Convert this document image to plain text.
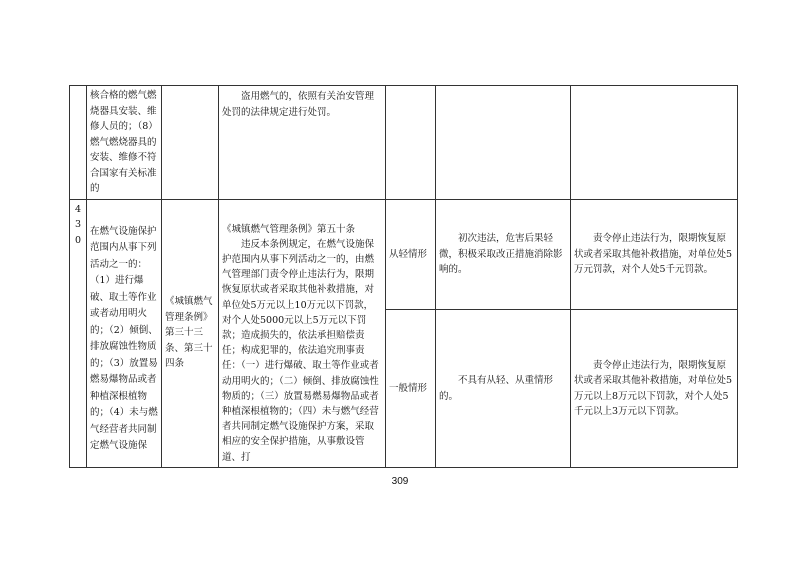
	核合格的燃气燃烧器具安装、维修人员的；（8）燃气燃烧器具的安装、维修不符合国家有关标准的		盗用燃气的，依照有关治安管理处罚的法律规定进行处罚。			
430	在燃气设施保护范围内从事下列活动之一的：（1）进行爆破、取土等作业或者动用明火的；（2）倾倒、排放腐蚀性物质的；（3）放置易燃易爆物品或者种植深根植物的；（4）未与燃气经营者共同制定燃气设施保	《城镇燃气管理条例》第三十三条、第三十四条	《城镇燃气管理条例》第五十条
违反本条例规定，在燃气设施保护范围内从事下列活动之一的，由燃气管理部门责令停止违法行为，限期恢复原状或者采取其他补救措施，对单位处5万元以上10万元以下罚款，对个人处5000元以上5万元以下罚款；造成损失的，依法承担赔偿责任；构成犯罪的，依法追究刑事责任：（一）进行爆破、取土等作业或者动用明火的；（二）倾倒、排放腐蚀性物质的；（三）放置易燃易爆物品或者种植深根植物的；（四）未与燃气经营者共同制定燃气设施保护方案，采取相应的安全保护措施，从事敷设管道、打	从轻情形	初次违法，危害后果轻微，积极采取改正措施消除影响的。	责令停止违法行为，限期恢复原状或者采取其他补救措施，对单位处5万元罚款，对个人处5千元罚款。
				一般情形	不具有从轻、从重情形的。	责令停止违法行为，限期恢复原状或者采取其他补救措施，对单位处5万元以上8万元以下罚款，对个人处5千元以上3万元以下罚款。
309
